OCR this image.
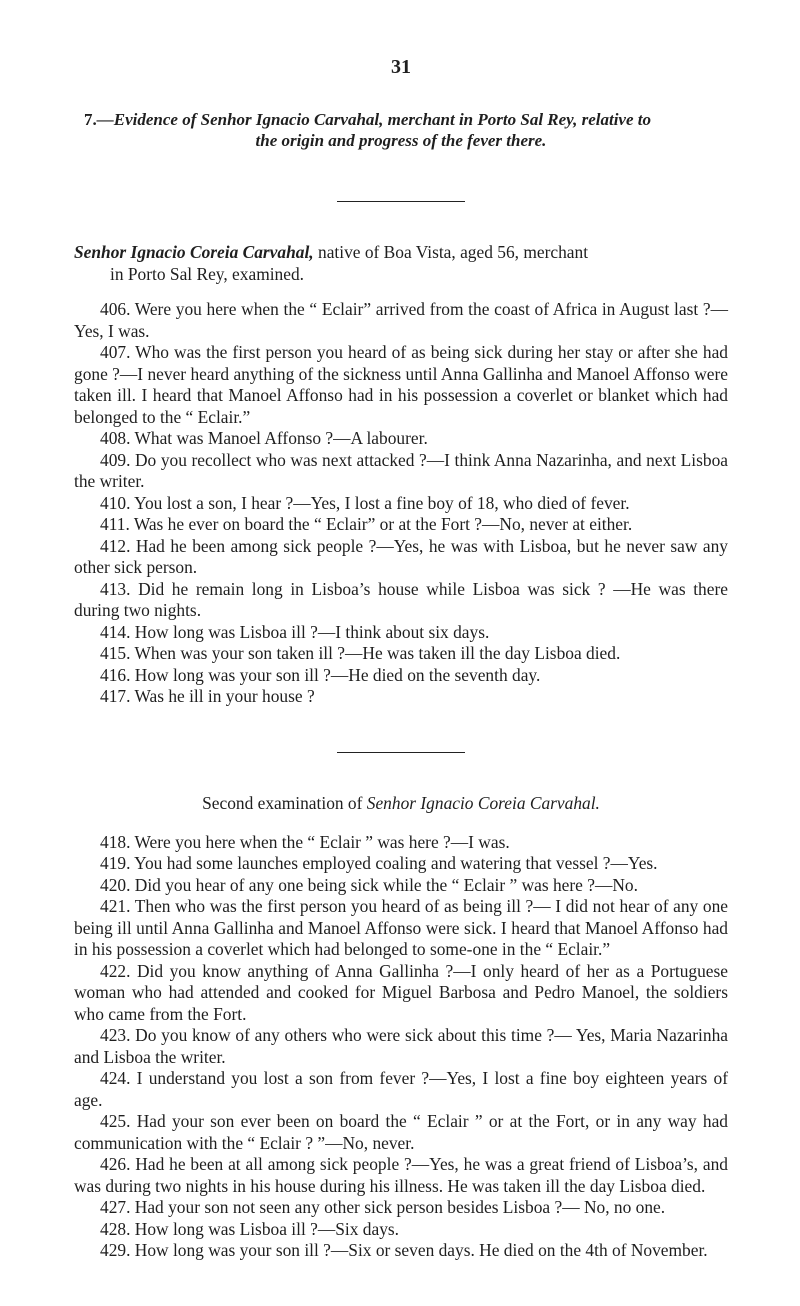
31
7.—Evidence of Senhor Ignacio Carvahal, merchant in Porto Sal Rey, relative to
the origin and progress of the fever there.

Senhor Ignacio Coreia Carvahal, native of Boa Vista, aged 56, merchant
in Porto Sal Rey, examined.

406. Were you here when the “ Eclair” arrived from the coast of Africa in August last ?—Yes, I was.

407. Who was the first person you heard of as being sick during her stay or after she had gone ?—I never heard anything of the sickness until Anna Gallinha and Manoel Affonso were taken ill. I heard that Manoel Affonso had in his possession a coverlet or blanket which had belonged to the “ Eclair.”

408. What was Manoel Affonso ?—A labourer.

409. Do you recollect who was next attacked ?—I think Anna Nazarinha, and next Lisboa the writer.

410. You lost a son, I hear ?—Yes, I lost a fine boy of 18, who died of fever.

411. Was he ever on board the “ Eclair” or at the Fort ?—No, never at either.

412. Had he been among sick people ?—Yes, he was with Lisboa, but he never saw any other sick person.

413. Did he remain long in Lisboa’s house while Lisboa was sick ? —He was there during two nights.

414. How long was Lisboa ill ?—I think about six days.

415. When was your son taken ill ?—He was taken ill the day Lisboa died.

416. How long was your son ill ?—He died on the seventh day.

417. Was he ill in your house ?

Second examination of Senhor Ignacio Coreia Carvahal.

418. Were you here when the “ Eclair ” was here ?—I was.

419. You had some launches employed coaling and watering that vessel ?—Yes.

420. Did you hear of any one being sick while the “ Eclair ” was here ?—No.

421. Then who was the first person you heard of as being ill ?— I did not hear of any one being ill until Anna Gallinha and Manoel Affonso were sick. I heard that Manoel Affonso had in his possession a coverlet which had belonged to some-one in the “ Eclair.”

422. Did you know anything of Anna Gallinha ?—I only heard of her as a Portuguese woman who had attended and cooked for Miguel Barbosa and Pedro Manoel, the soldiers who came from the Fort.

423. Do you know of any others who were sick about this time ?— Yes, Maria Nazarinha and Lisboa the writer.

424. I understand you lost a son from fever ?—Yes, I lost a fine boy eighteen years of age.

425. Had your son ever been on board the “ Eclair ” or at the Fort, or in any way had communication with the “ Eclair ? ”—No, never.

426. Had he been at all among sick people ?—Yes, he was a great friend of Lisboa’s, and was during two nights in his house during his illness. He was taken ill the day Lisboa died.

427. Had your son not seen any other sick person besides Lisboa ?— No, no one.

428. How long was Lisboa ill ?—Six days.

429. How long was your son ill ?—Six or seven days. He died on the 4th of November.
